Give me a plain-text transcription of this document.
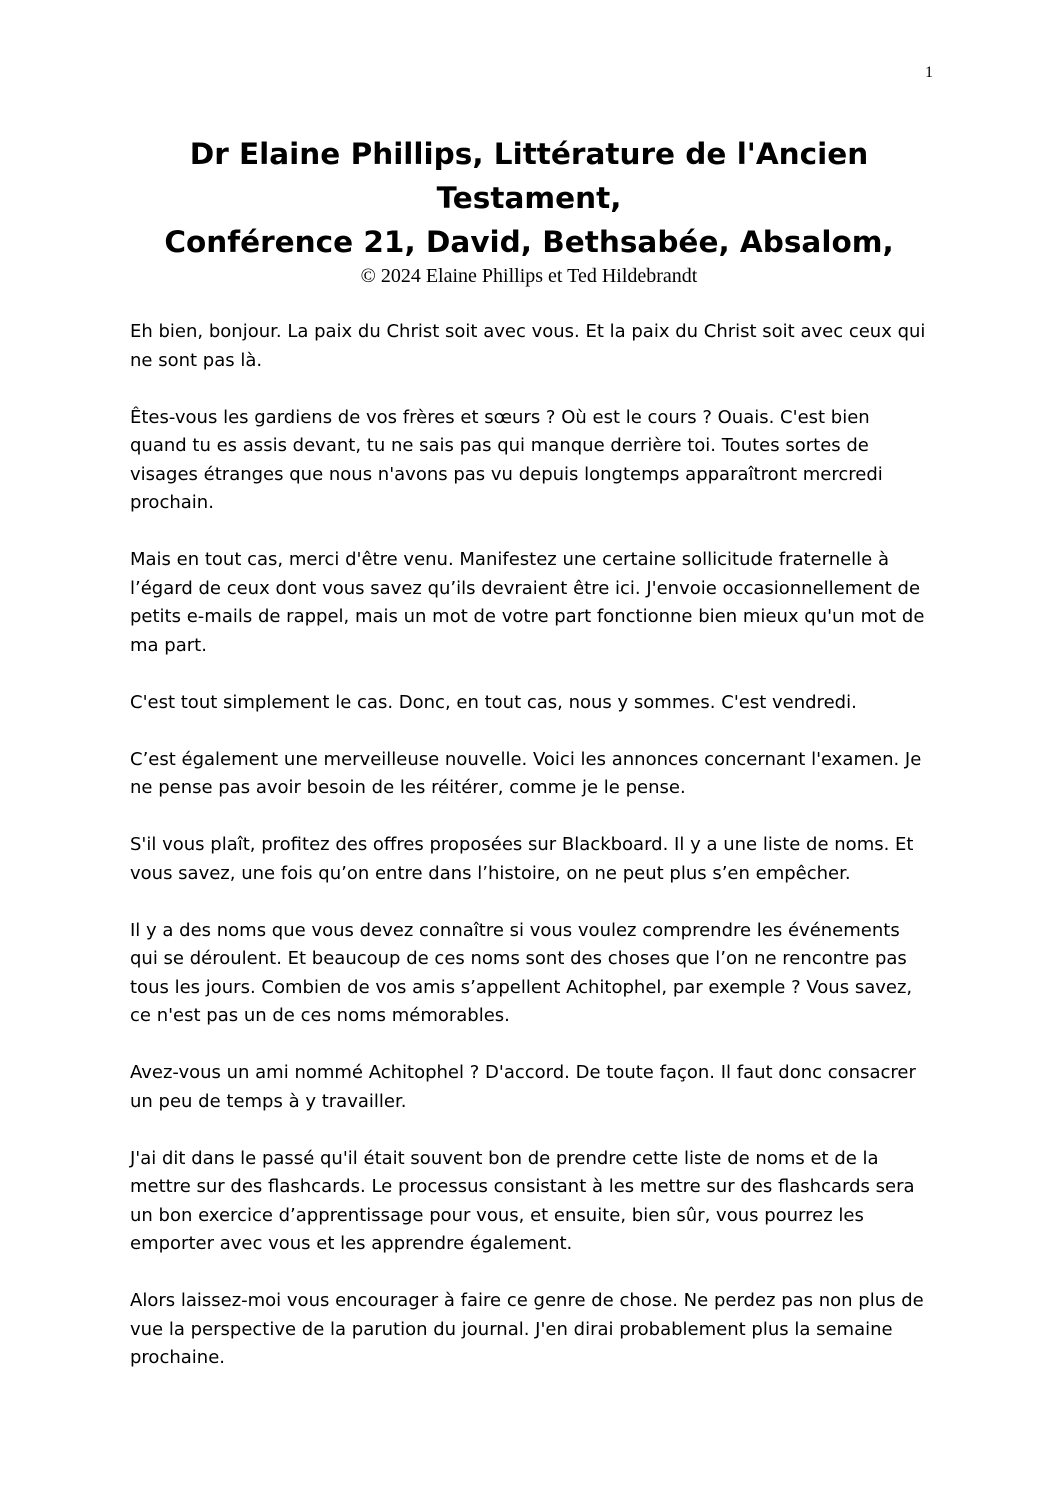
1

Dr Elaine Phillips, Littérature de l'Ancien

Testament,

Conférence 21, David, Bethsabée, Absalom,

© 2024 Elaine Phillips et Ted Hildebrandt

Eh bien, bonjour. La paix du Christ soit avec vous. Et la paix du Christ soit avec ceux qui ne sont pas là.

Êtes-vous les gardiens de vos frères et sœurs ? Où est le cours ? Ouais. C'est bien quand tu es assis devant, tu ne sais pas qui manque derrière toi. Toutes sortes de visages étranges que nous n'avons pas vu depuis longtemps apparaîtront mercredi prochain.

Mais en tout cas, merci d'être venu. Manifestez une certaine sollicitude fraternelle à l’égard de ceux dont vous savez qu’ils devraient être ici. J'envoie occasionnellement de petits e-mails de rappel, mais un mot de votre part fonctionne bien mieux qu'un mot de ma part.

C'est tout simplement le cas. Donc, en tout cas, nous y sommes. C'est vendredi.

C’est également une merveilleuse nouvelle. Voici les annonces concernant l'examen. Je ne pense pas avoir besoin de les réitérer, comme je le pense.

S'il vous plaît, profitez des offres proposées sur Blackboard. Il y a une liste de noms. Et vous savez, une fois qu’on entre dans l’histoire, on ne peut plus s’en empêcher.

Il y a des noms que vous devez connaître si vous voulez comprendre les événements qui se déroulent. Et beaucoup de ces noms sont des choses que l’on ne rencontre pas tous les jours. Combien de vos amis s’appellent Achitophel, par exemple ? Vous savez, ce n'est pas un de ces noms mémorables.

Avez-vous un ami nommé Achitophel ? D'accord. De toute façon. Il faut donc consacrer un peu de temps à y travailler.

J'ai dit dans le passé qu'il était souvent bon de prendre cette liste de noms et de la mettre sur des flashcards. Le processus consistant à les mettre sur des flashcards sera un bon exercice d’apprentissage pour vous, et ensuite, bien sûr, vous pourrez les emporter avec vous et les apprendre également.

Alors laissez-moi vous encourager à faire ce genre de chose. Ne perdez pas non plus de vue la perspective de la parution du journal. J'en dirai probablement plus la semaine prochaine.
